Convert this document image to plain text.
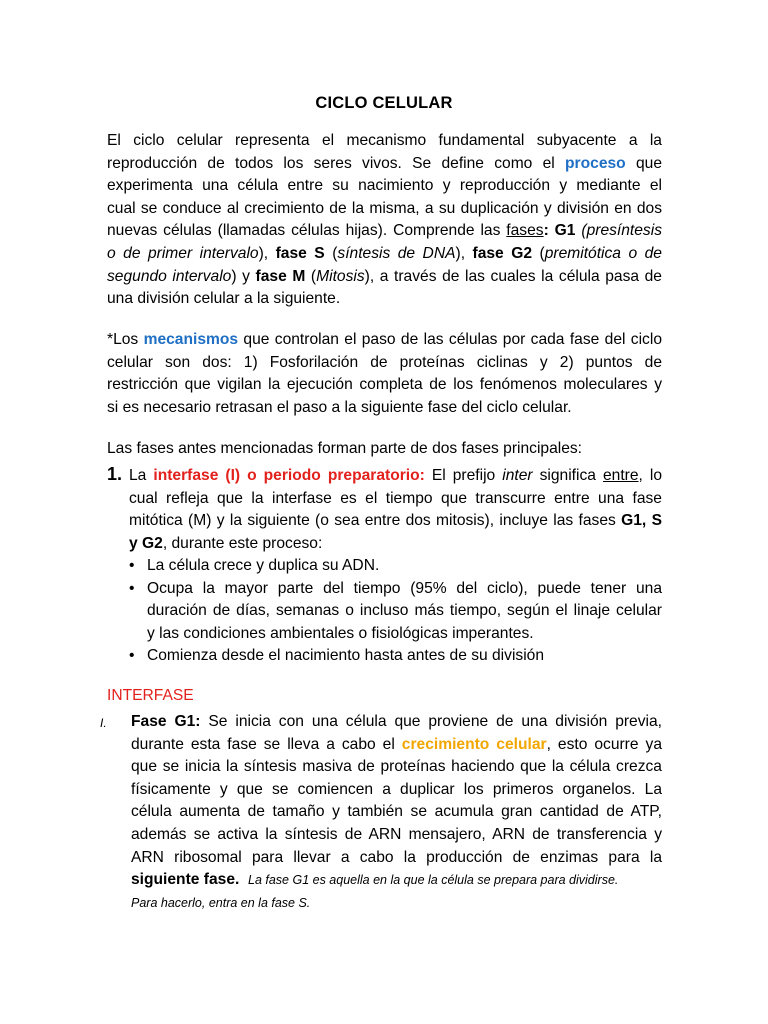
CICLO CELULAR
El ciclo celular representa el mecanismo fundamental subyacente a la
reproducción de todos los seres vivos. Se define como el proceso que
experimenta una célula entre su nacimiento y reproducción y mediante el
cual se conduce al crecimiento de la misma, a su duplicación y división en dos
nuevas células (llamadas células hijas). Comprende las fases: G1 (presíntesis
o de primer intervalo), fase S (síntesis de DNA), fase G2 (premitótica o de
segundo intervalo) y fase M (Mitosis), a través de las cuales la célula pasa de
una división celular a la siguiente.
*Los mecanismos que controlan el paso de las células por cada fase del ciclo
celular son dos: 1) Fosforilación de proteínas ciclinas y 2) puntos de
restricción que vigilan la ejecución completa de los fenómenos moleculares y
si es necesario retrasan el paso a la siguiente fase del ciclo celular.
Las fases antes mencionadas forman parte de dos fases principales:
1. La interfase (I) o periodo preparatorio: El prefijo inter significa entre, lo
cual refleja que la interfase es el tiempo que transcurre entre una fase
mitótica (M) y la siguiente (o sea entre dos mitosis), incluye las fases G1, S
y G2, durante este proceso:
• La célula crece y duplica su ADN.
• Ocupa la mayor parte del tiempo (95% del ciclo), puede tener una
duración de días, semanas o incluso más tiempo, según el linaje celular
y las condiciones ambientales o fisiológicas imperantes.
• Comienza desde el nacimiento hasta antes de su división
INTERFASE
I. Fase G1: Se inicia con una célula que proviene de una división previa,
durante esta fase se lleva a cabo el crecimiento celular, esto ocurre ya
que se inicia la síntesis masiva de proteínas haciendo que la célula crezca
físicamente y que se comiencen a duplicar los primeros organelos. La
célula aumenta de tamaño y también se acumula gran cantidad de ATP,
además se activa la síntesis de ARN mensajero, ARN de transferencia y
ARN ribosomal para llevar a cabo la producción de enzimas para la
siguiente fase. La fase G1 es aquella en la que la célula se prepara para dividirse.
Para hacerlo, entra en la fase S.
